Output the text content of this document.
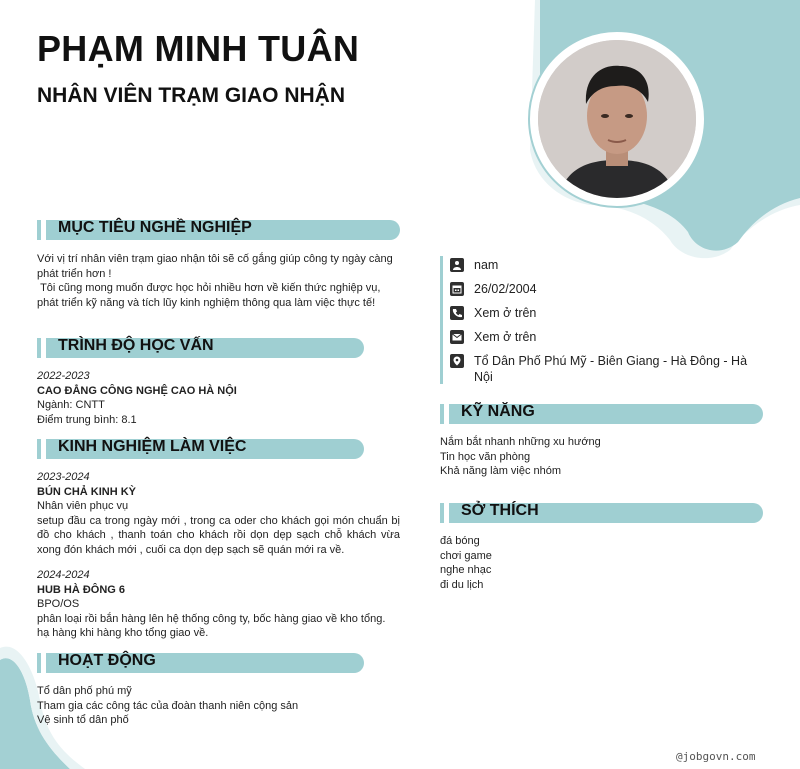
PHẠM MINH TUÂN
NHÂN VIÊN TRẠM GIAO NHẬN
MỤC TIÊU NGHỀ NGHIỆP

Với vị trí nhân viên trạm giao nhận tôi sẽ cố gắng giúp công ty ngày càng phát triển hơn !

Tôi cũng mong muốn được học hỏi nhiều hơn về kiến thức nghiệp vụ, phát triển kỹ năng và tích lũy kinh nghiệm thông qua làm việc thực tế!

TRÌNH ĐỘ HỌC VẤN

2022-2023

CAO ĐẲNG CÔNG NGHỆ CAO HÀ NỘI

Ngành: CNTT

Điểm trung bình: 8.1

KINH NGHIỆM LÀM VIỆC

2023-2024

BÚN CHẢ KINH KỲ

Nhân viên phục vụ

setup đầu ca trong ngày mới , trong ca oder cho khách gọi món chuẩn bị đồ cho khách , thanh toán cho khách rồi dọn dẹp sạch chỗ khách vừa xong đón khách mới , cuối ca dọn dẹp sạch sẽ quán mới ra về.

2024-2024

HUB HÀ ĐÔNG 6

BPO/OS

phân loại rồi bắn hàng lên hệ thống công ty, bốc hàng giao về kho tổng. hạ hàng khi hàng kho tổng giao về.

HOẠT ĐỘNG

Tổ dân phố phú mỹ

Tham gia các công tác của đoàn thanh niên cộng sản

Vệ sinh tổ dân phố

nam
26/02/2004
Xem ở trên
Xem ở trên
Tổ Dân Phố Phú Mỹ - Biên Giang - Hà Đông - Hà Nội
KỸ NĂNG

Nắm bắt nhanh những xu hướng

Tin học văn phòng

Khả năng làm việc nhóm

SỞ THÍCH

đá bóng

chơi game

nghe nhạc

đi du lịch

@jobgovn.com
